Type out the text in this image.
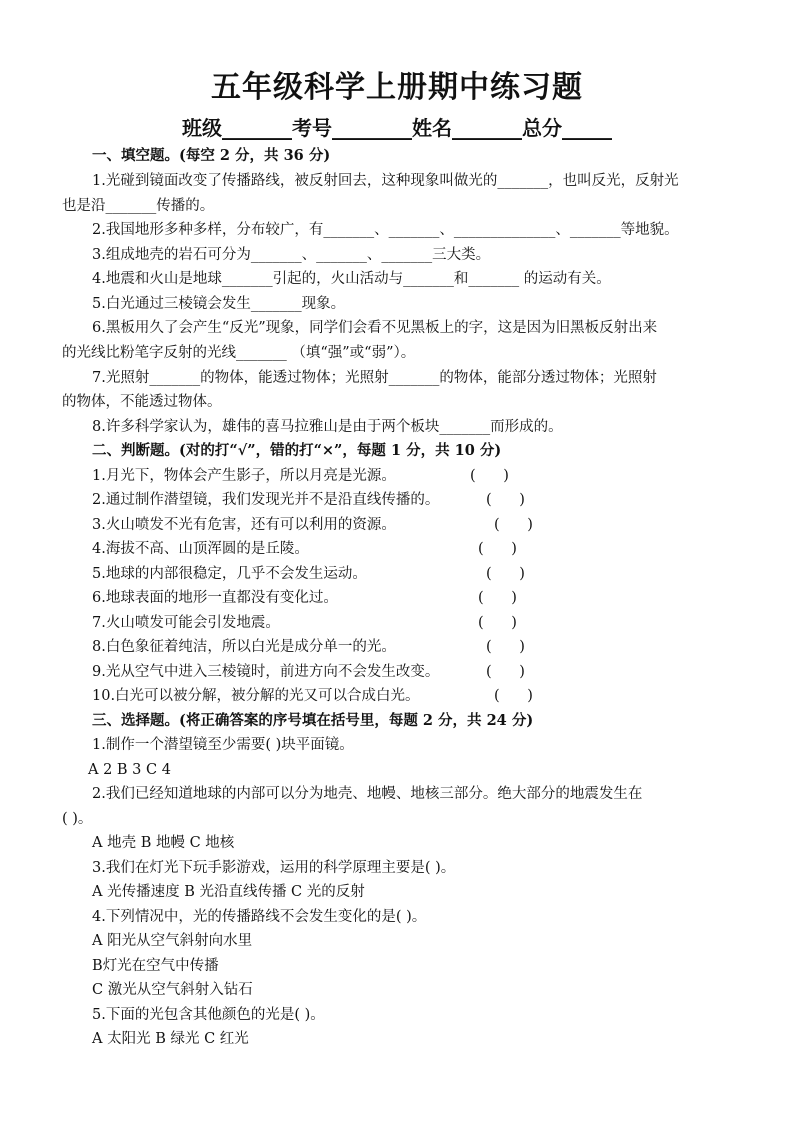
五年级科学上册期中练习题
班级_______考号________姓名_______总分_____
一、填空题。(每空 2 分，共 36 分)
1.光碰到镜面改变了传播路线，被反射回去，这种现象叫做光的_______，也叫反光，反射光
也是沿_______传播的。
2.我国地形多种多样，分布较广，有_______、_______、______________、_______等地貌。
3.组成地壳的岩石可分为_______、_______、_______三大类。
4.地震和火山是地球_______引起的，火山活动与_______和_______ 的运动有关。
5.白光通过三棱镜会发生_______现象。
6.黑板用久了会产生“反光”现象，同学们会看不见黑板上的字，这是因为旧黑板反射出来
的光线比粉笔字反射的光线_______ （填“强”或“弱”）。
7.光照射_______的物体，能透过物体；光照射_______的物体，能部分透过物体；光照射
的物体，不能透过物体。
8.许多科学家认为，雄伟的喜马拉雅山是由于两个板块_______而形成的。
二、判断题。(对的打“√”，错的打“×”，每题 1 分，共 10 分)
1.月光下，物体会产生影子，所以月亮是光源。	(      )
2.通过制作潜望镜，我们发现光并不是沿直线传播的。	(      )
3.火山喷发不光有危害，还有可以利用的资源。	(      )
4.海拔不高、山顶浑圆的是丘陵。	(      )
5.地球的内部很稳定，几乎不会发生运动。	(      )
6.地球表面的地形一直都没有变化过。	(      )
7.火山喷发可能会引发地震。	(      )
8.白色象征着纯洁，所以白光是成分单一的光。	(      )
9.光从空气中进入三棱镜时，前进方向不会发生改变。	(      )
10.白光可以被分解，被分解的光又可以合成白光。	(      )
三、选择题。(将正确答案的序号填在括号里，每题 2 分，共 24 分)
1.制作一个潜望镜至少需要( )块平面镜。
A 2 B 3 C 4
2.我们已经知道地球的内部可以分为地壳、地幔、地核三部分。绝大部分的地震发生在
( )。
A 地壳 B 地幔 C 地核
3.我们在灯光下玩手影游戏，运用的科学原理主要是( )。
A 光传播速度 B 光沿直线传播 C 光的反射
4.下列情况中，光的传播路线不会发生变化的是( )。
A 阳光从空气斜射向水里
B灯光在空气中传播
C 激光从空气斜射入钻石
5.下面的光包含其他颜色的光是( )。
A 太阳光 B 绿光 C 红光
